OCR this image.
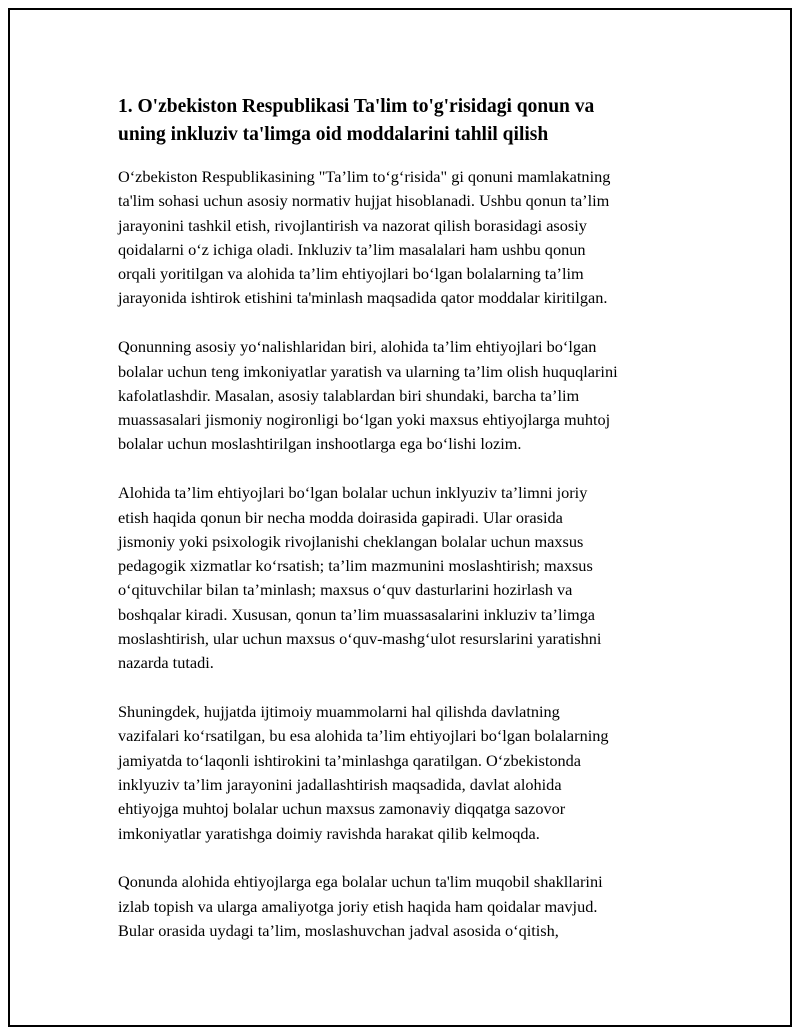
1. O'zbekiston Respublikasi Ta'lim to'g'risidagi qonun va
uning inkluziv ta'limga oid moddalarini tahlil qilish

O‘zbekiston Respublikasining "Ta’lim to‘g‘risida" gi qonuni mamlakatning
ta'lim sohasi uchun asosiy normativ hujjat hisoblanadi. Ushbu qonun ta’lim
jarayonini tashkil etish, rivojlantirish va nazorat qilish borasidagi asosiy
qoidalarni o‘z ichiga oladi. Inkluziv ta’lim masalalari ham ushbu qonun
orqali yoritilgan va alohida ta’lim ehtiyojlari bo‘lgan bolalarning ta’lim
jarayonida ishtirok etishini ta'minlash maqsadida qator moddalar kiritilgan.

Qonunning asosiy yo‘nalishlaridan biri, alohida ta’lim ehtiyojlari bo‘lgan
bolalar uchun teng imkoniyatlar yaratish va ularning ta’lim olish huquqlarini
kafolatlashdir. Masalan, asosiy talablardan biri shundaki, barcha ta’lim
muassasalari jismoniy nogironligi bo‘lgan yoki maxsus ehtiyojlarga muhtoj
bolalar uchun moslashtirilgan inshootlarga ega bo‘lishi lozim.

Alohida ta’lim ehtiyojlari bo‘lgan bolalar uchun inklyuziv ta’limni joriy
etish haqida qonun bir necha modda doirasida gapiradi. Ular orasida
jismoniy yoki psixologik rivojlanishi cheklangan bolalar uchun maxsus
pedagogik xizmatlar ko‘rsatish; ta’lim mazmunini moslashtirish; maxsus
o‘qituvchilar bilan ta’minlash; maxsus o‘quv dasturlarini hozirlash va
boshqalar kiradi. Xususan, qonun ta’lim muassasalarini inkluziv ta’limga
moslashtirish, ular uchun maxsus o‘quv-mashg‘ulot resurslarini yaratishni
nazarda tutadi.

Shuningdek, hujjatda ijtimoiy muammolarni hal qilishda davlatning
vazifalari ko‘rsatilgan, bu esa alohida ta’lim ehtiyojlari bo‘lgan bolalarning
jamiyatda to‘laqonli ishtirokini ta’minlashga qaratilgan. O‘zbekistonda
inklyuziv ta’lim jarayonini jadallashtirish maqsadida, davlat alohida
ehtiyojga muhtoj bolalar uchun maxsus zamonaviy diqqatga sazovor
imkoniyatlar yaratishga doimiy ravishda harakat qilib kelmoqda.

Qonunda alohida ehtiyojlarga ega bolalar uchun ta'lim muqobil shakllarini
izlab topish va ularga amaliyotga joriy etish haqida ham qoidalar mavjud.
Bular orasida uydagi ta’lim, moslashuvchan jadval asosida o‘qitish,
